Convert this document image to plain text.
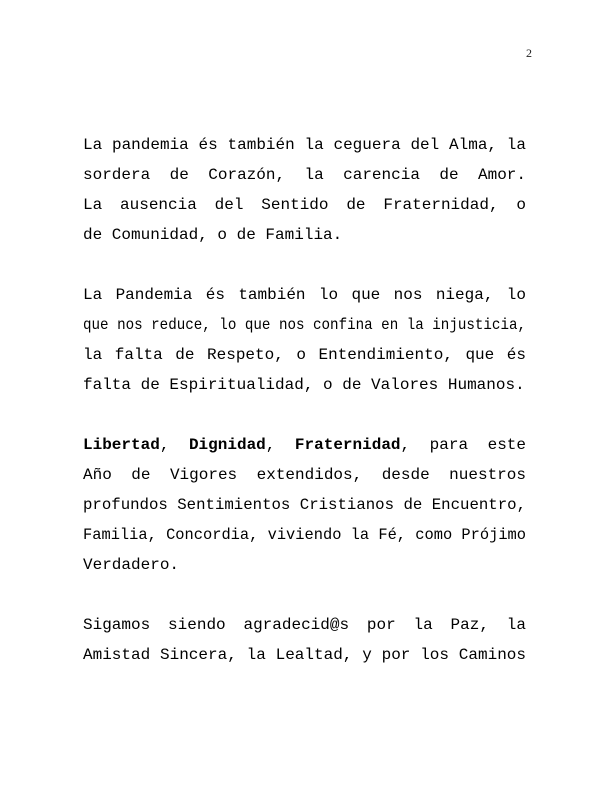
2

La pandemia és también la ceguera del Alma, la
sordera de Corazón, la carencia de Amor.
La ausencia del Sentido de Fraternidad, o
de Comunidad, o de Familia.

La Pandemia és también lo que nos niega, lo
que nos reduce, lo que nos confina en la injusticia,
la falta de Respeto, o Entendimiento, que és
falta de Espiritualidad, o de Valores Humanos.

Libertad, Dignidad, Fraternidad, para este
Año de Vigores extendidos, desde nuestros
profundos Sentimientos Cristianos de Encuentro,
Familia, Concordia, viviendo la Fé, como Prójimo
Verdadero.

Sigamos siendo agradecid@s por la Paz, la
Amistad Sincera, la Lealtad, y por los Caminos
